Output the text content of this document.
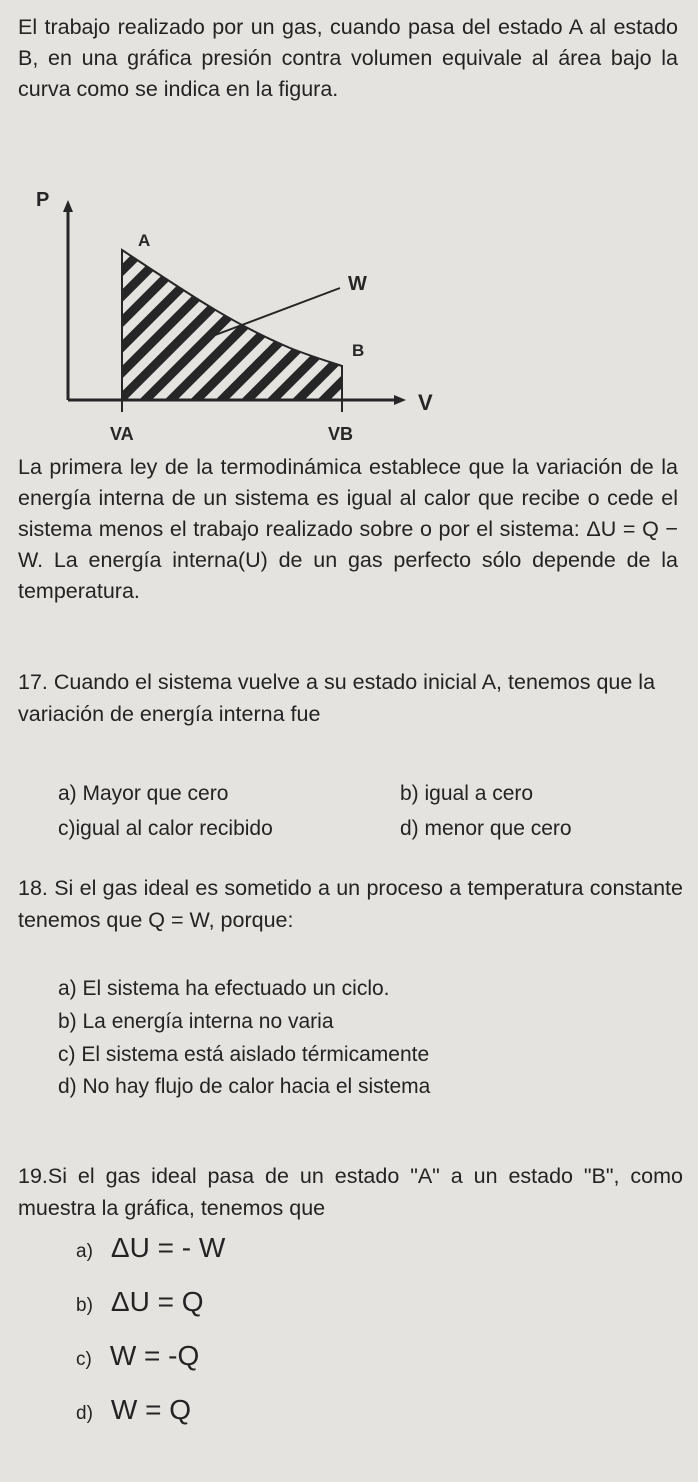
El trabajo realizado por un gas, cuando pasa del estado A al estado B, en una gráfica presión contra volumen equivale al área bajo la curva como se indica en la figura.

P
V
A
B
W
VA	VB

La primera ley de la termodinámica establece que la variación de la energía interna de un sistema es igual al calor que recibe o cede el sistema menos el trabajo realizado sobre o por el sistema: ΔU = Q − W. La energía interna(U) de un gas perfecto sólo depende de la temperatura.

17. Cuando el sistema vuelve a su estado inicial A, tenemos que la variación de energía interna fue

a) Mayor que cero	b) igual a cero
c)igual al calor recibido	d) menor que cero

18. Si el gas ideal es sometido a un proceso a temperatura constante tenemos que Q = W, porque:

a) El sistema ha efectuado un ciclo.
b) La energía interna no varia
c) El sistema está aislado térmicamente
d) No hay flujo de calor hacia el sistema

19.Si el gas ideal pasa de un estado "A" a un estado "B", como muestra la gráfica, tenemos que

a) ΔU = - W
b) ΔU = Q
c) W = -Q
d) W = Q
